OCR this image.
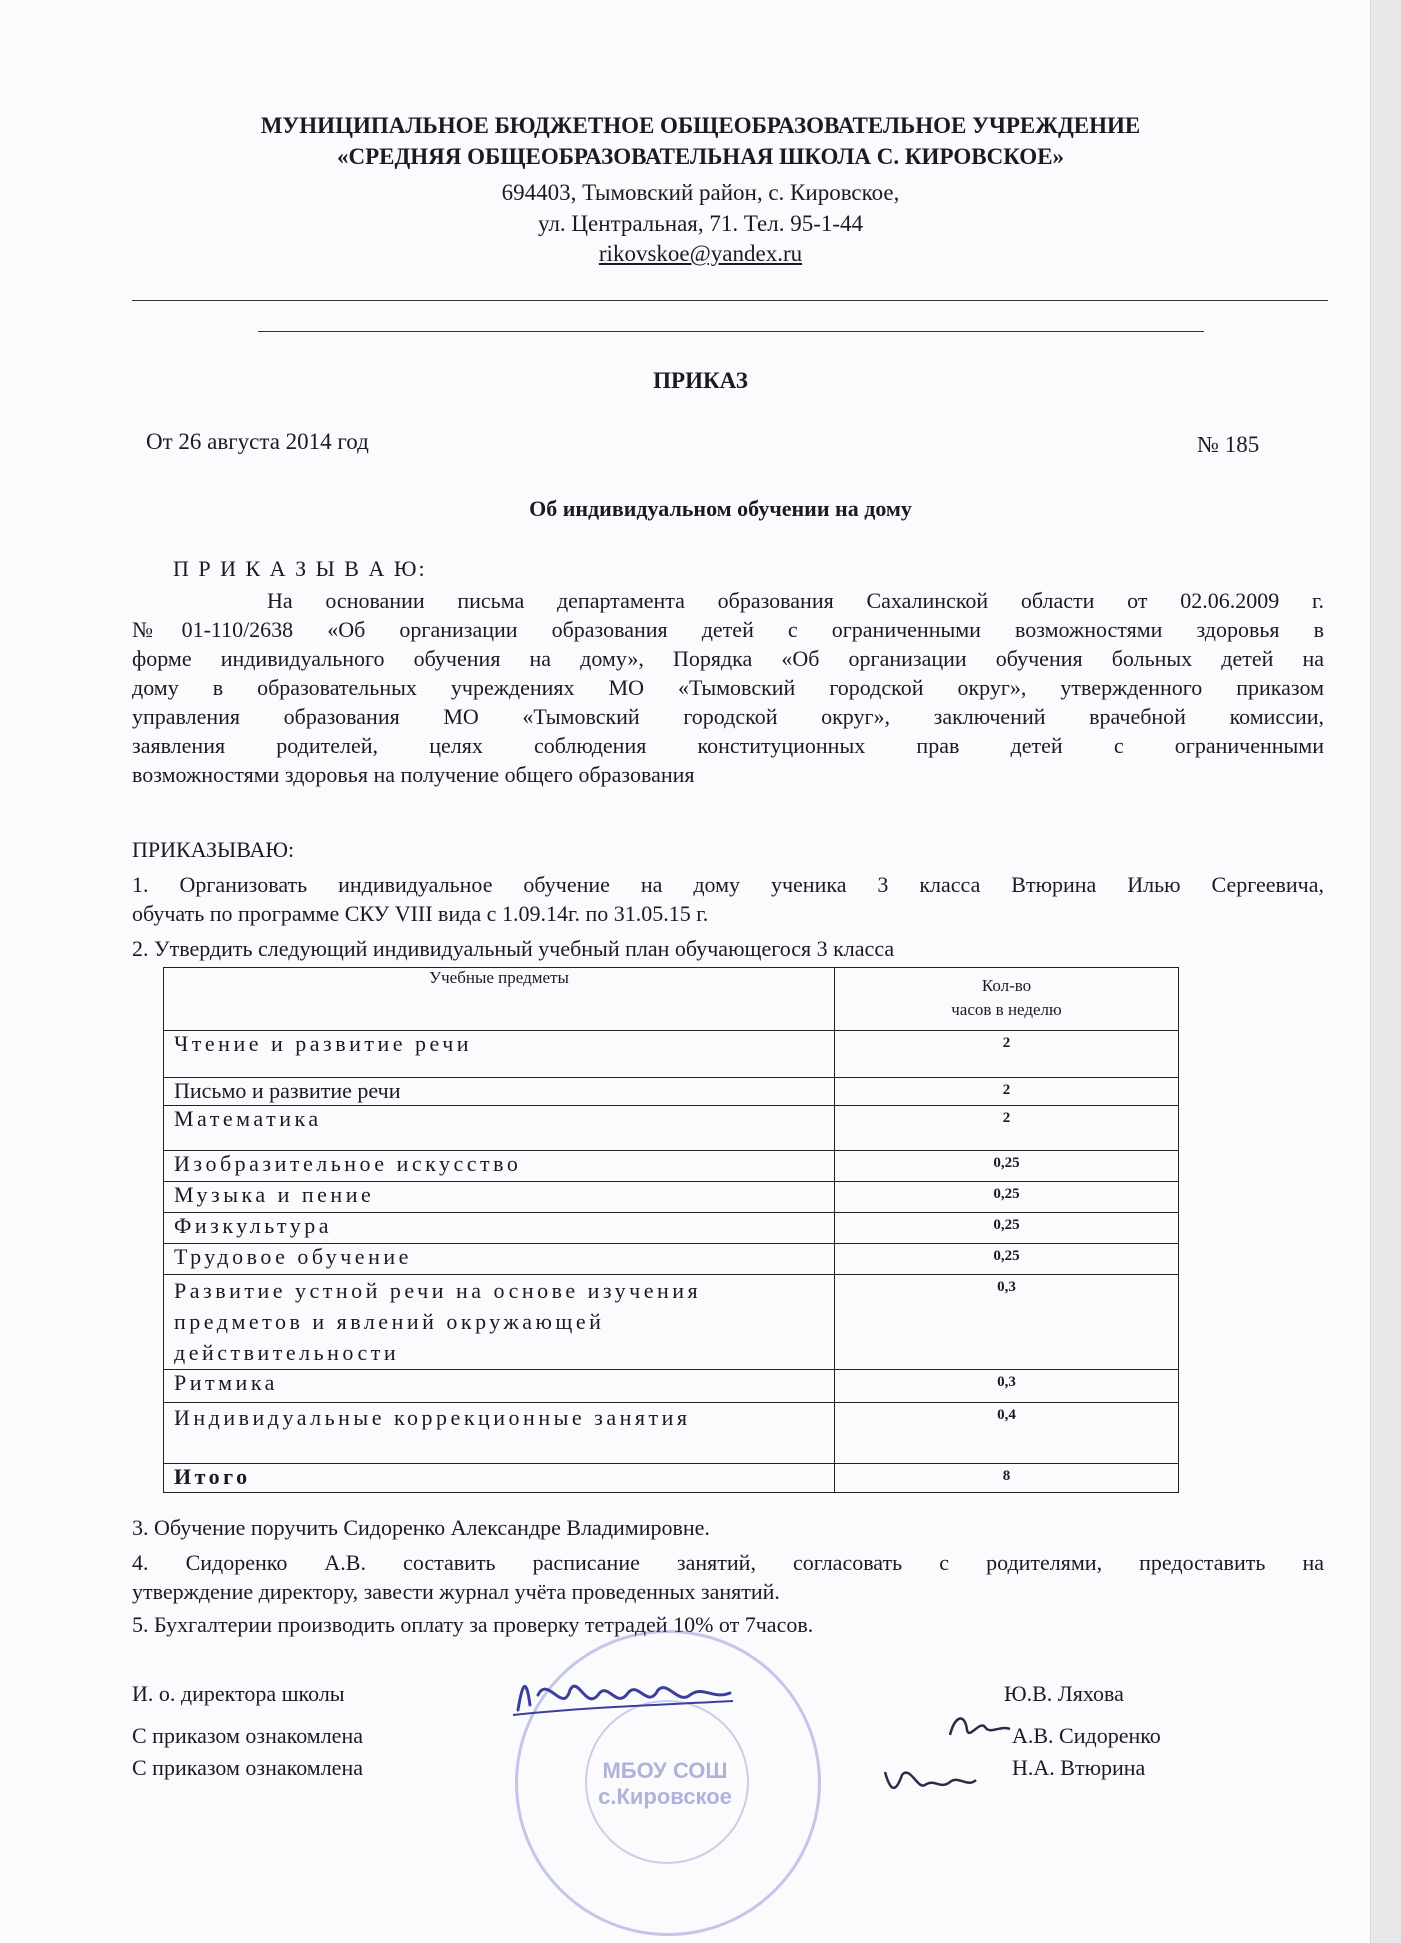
МУНИЦИПАЛЬНОЕ БЮДЖЕТНОЕ ОБЩЕОБРАЗОВАТЕЛЬНОЕ УЧРЕЖДЕНИЕ
«СРЕДНЯЯ ОБЩЕОБРАЗОВАТЕЛЬНАЯ ШКОЛА С. КИРОВСКОЕ»
694403, Тымовский район, с. Кировское,
ул. Центральная, 71. Тел. 95-1-44
rikovskoe@yandex.ru
ПРИКАЗ
От 26 августа 2014 год	№ 185
Об индивидуальном обучении на дому
П Р И К А З Ы В А Ю:
На основании письма департамента образования Сахалинской области от 02.06.2009 г.
№01-110/2638 «Об организации образования детей с ограниченными возможностями здоровья в
форме индивидуального обучения на дому», Порядка «Об организации обучения больных детей на
дому в образовательных учреждениях МО «Тымовский городской округ», утвержденного приказом
управления образования МО «Тымовский городской округ», заключений врачебной комиссии,
заявления родителей, целях соблюдения конституционных прав детей с ограниченными
возможностями здоровья на получение общего образования
ПРИКАЗЫВАЮ:
1. Организовать индивидуальное обучение на дому ученика 3 класса Втюрина Илью Сергеевича,
обучать по программе СКУ VIII вида с 1.09.14г. по 31.05.15 г.
2. Утвердить следующий индивидуальный учебный план обучающегося 3 класса
Учебные предметы	Кол-во
часов в неделю

Чтение и развитие речи	2
Письмо и развитие речи	2
Математика	2
Изобразительное искусство	0,25
Музыка и пение	0,25
Физкультура	0,25
Трудовое обучение	0,25
Развитие устной речи на основе изучения предметов и явлений окружающей действительности	0,3
Ритмика	0,3
Индивидуальные коррекционные занятия	0,4
Итого	8
3. Обучение поручить Сидоренко Александре Владимировне.
4. Сидоренко А.В. составить расписание занятий, согласовать с родителями, предоставить на
утверждение директору, завести журнал учёта проведенных занятий.
5. Бухгалтерии производить оплату за проверку тетрадей 10% от 7часов.
МБОУ СОШ
с.Кировское
И. о. директора школы	Ю.В. Ляхова
С приказом ознакомлена	А.В. Сидоренко
С приказом ознакомлена	Н.А. Втюрина
